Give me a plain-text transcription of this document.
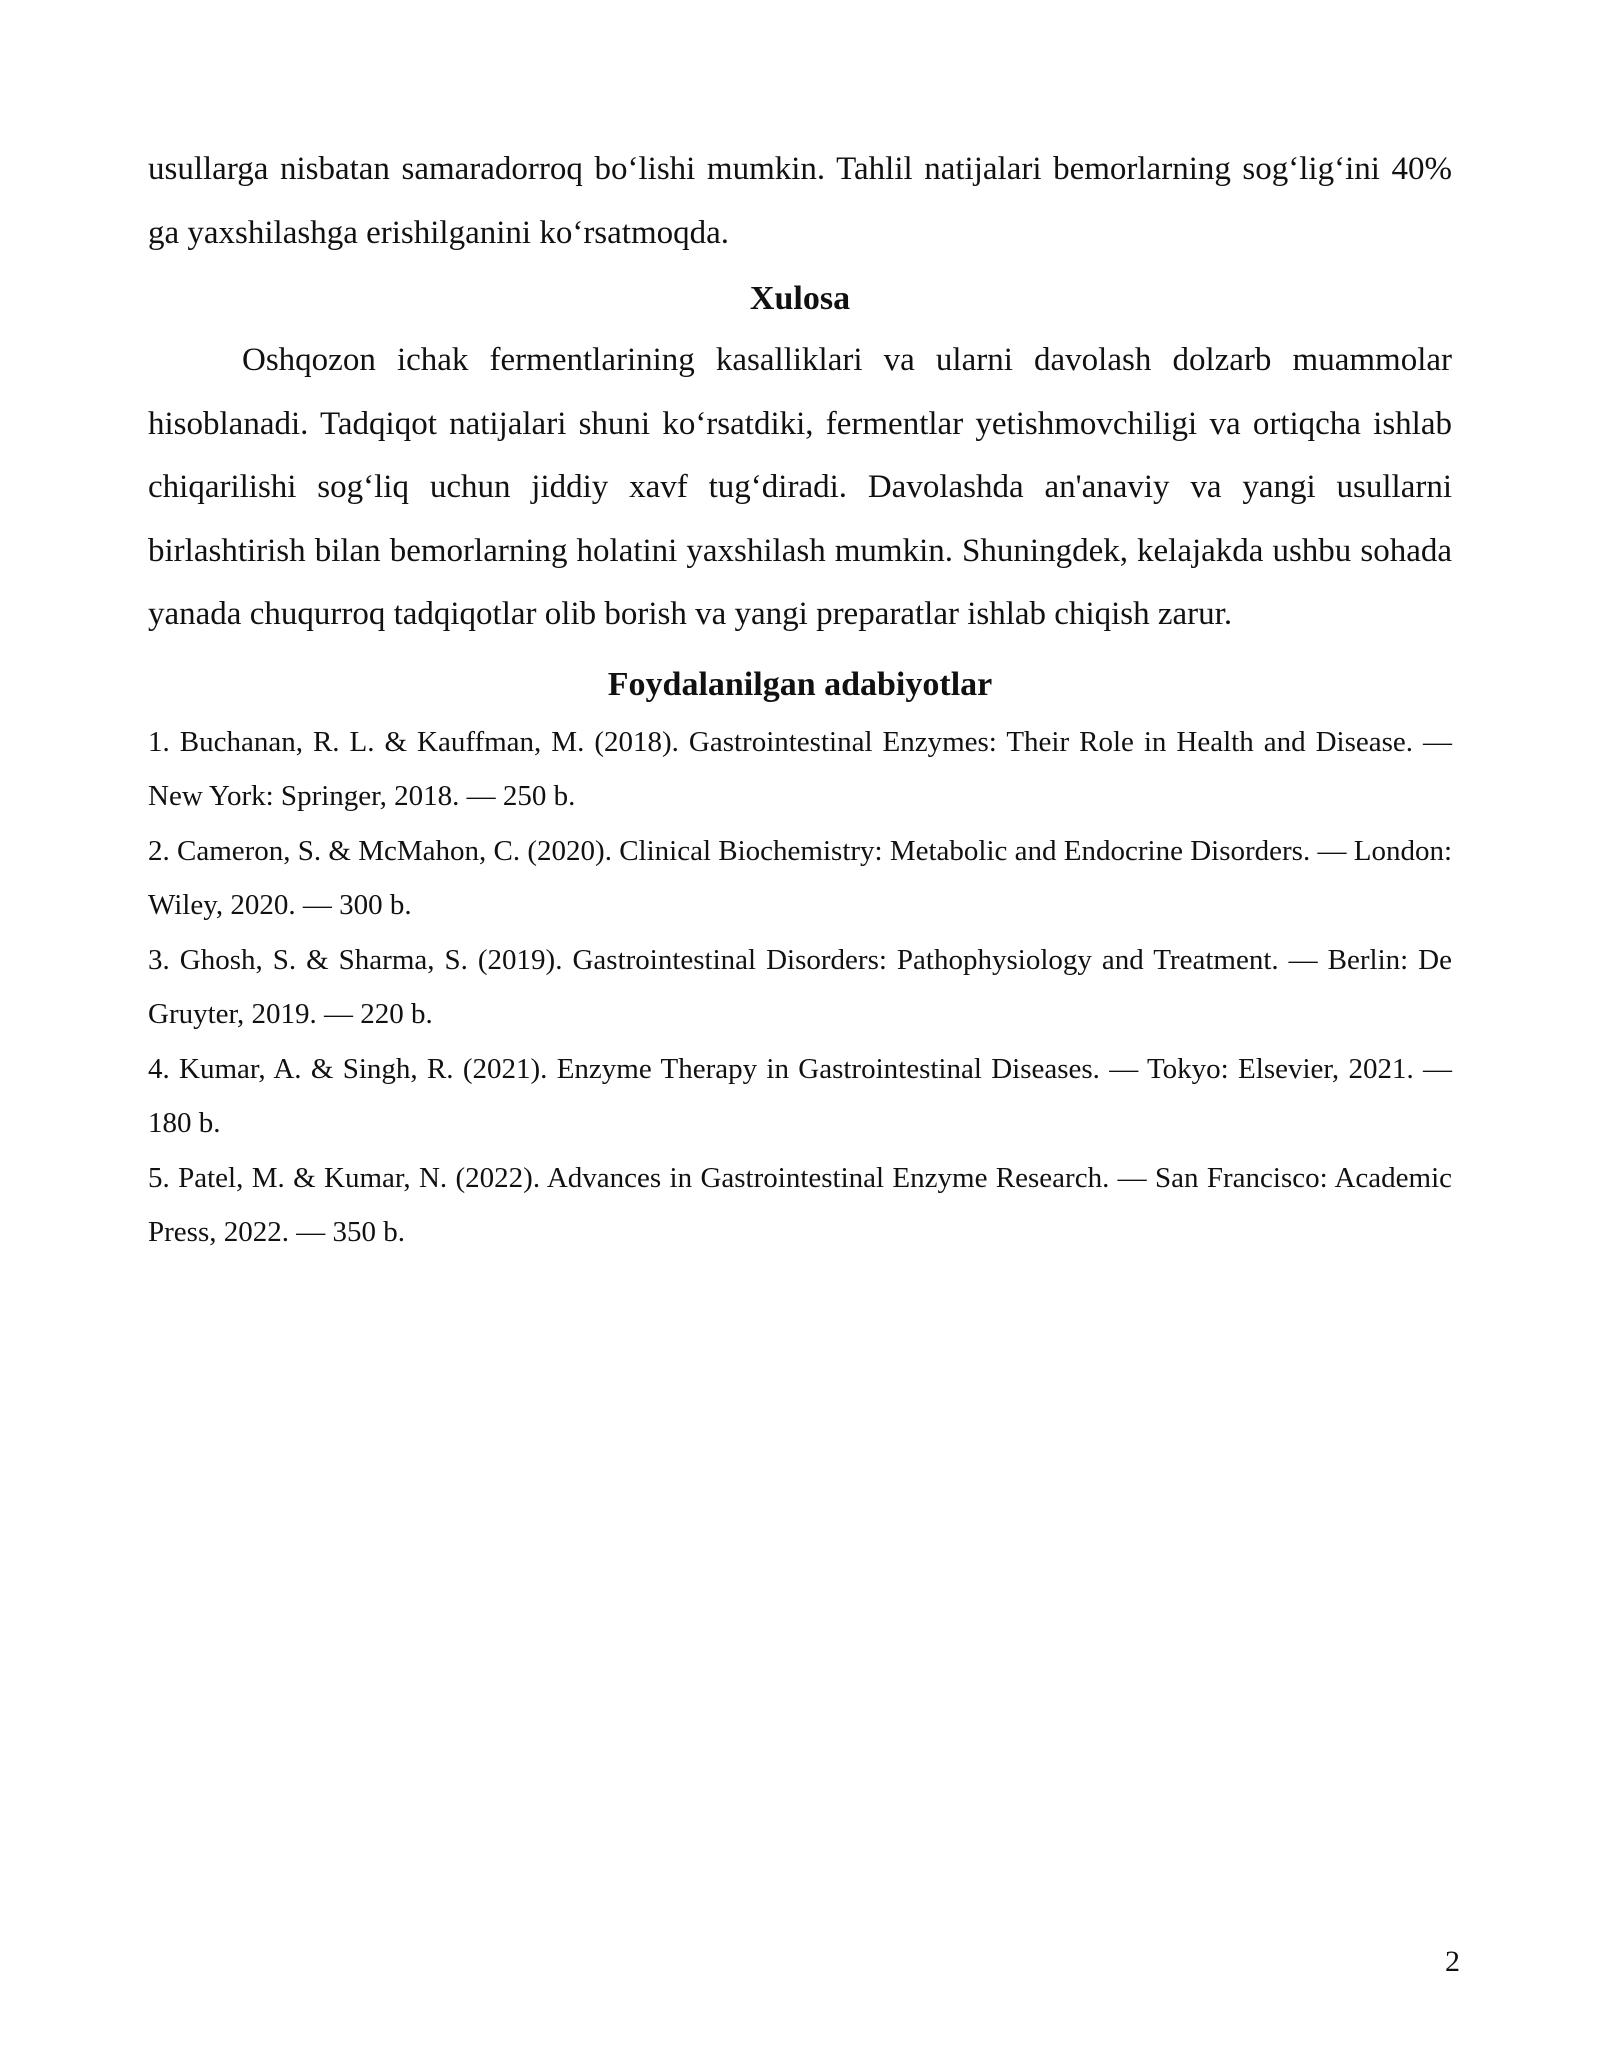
usullarga nisbatan samaradorroq bo‘lishi mumkin. Tahlil natijalari bemorlarning sog‘lig‘ini 40% ga yaxshilashga erishilganini ko‘rsatmoqda.

Xulosa

Oshqozon ichak fermentlarining kasalliklari va ularni davolash dolzarb muammolar hisoblanadi. Tadqiqot natijalari shuni ko‘rsatdiki, fermentlar yetishmovchiligi va ortiqcha ishlab chiqarilishi sog‘liq uchun jiddiy xavf tug‘diradi. Davolashda an'anaviy va yangi usullarni birlashtirish bilan bemorlarning holatini yaxshilash mumkin. Shuningdek, kelajakda ushbu sohada yanada chuqurroq tadqiqotlar olib borish va yangi preparatlar ishlab chiqish zarur.

Foydalanilgan adabiyotlar

1. Buchanan, R. L. & Kauffman, M. (2018). Gastrointestinal Enzymes: Their Role in Health and Disease. — New York: Springer, 2018. — 250 b.

2. Cameron, S. & McMahon, C. (2020). Clinical Biochemistry: Metabolic and Endocrine Disorders. — London: Wiley, 2020. — 300 b.

3. Ghosh, S. & Sharma, S. (2019). Gastrointestinal Disorders: Pathophysiology and Treatment. — Berlin: De Gruyter, 2019. — 220 b.

4. Kumar, A. & Singh, R. (2021). Enzyme Therapy in Gastrointestinal Diseases. — Tokyo: Elsevier, 2021. — 180 b.

5. Patel, M. & Kumar, N. (2022). Advances in Gastrointestinal Enzyme Research. — San Francisco: Academic Press, 2022. — 350 b.

2
